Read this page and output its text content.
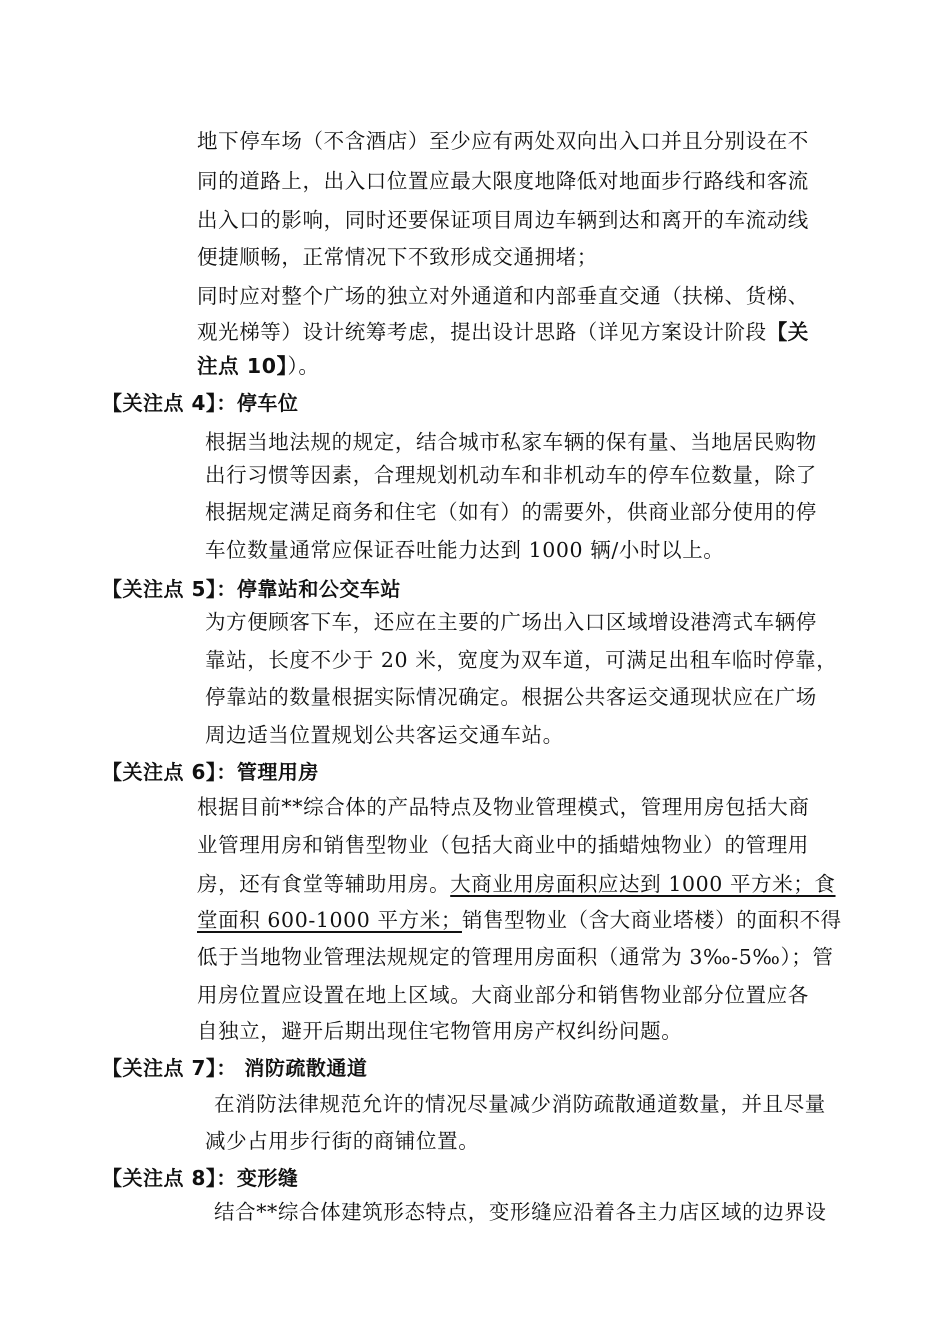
地下停车场（不含酒店）至少应有两处双向出入口并且分别设在不
同的道路上，出入口位置应最大限度地降低对地面步行路线和客流
出入口的影响，同时还要保证项目周边车辆到达和离开的车流动线
便捷顺畅，正常情况下不致形成交通拥堵；
同时应对整个广场的独立对外通道和内部垂直交通（扶梯、货梯、
观光梯等）设计统筹考虑，提出设计思路（详见方案设计阶段【关
注点 10】）。
【关注点 4】：停车位
根据当地法规的规定，结合城市私家车辆的保有量、当地居民购物
出行习惯等因素，合理规划机动车和非机动车的停车位数量，除了
根据规定满足商务和住宅（如有）的需要外，供商业部分使用的停
车位数量通常应保证吞吐能力达到 1000 辆/小时以上。
【关注点 5】：停靠站和公交车站
为方便顾客下车，还应在主要的广场出入口区域增设港湾式车辆停
靠站，长度不少于 20 米，宽度为双车道，可满足出租车临时停靠，
停靠站的数量根据实际情况确定。根据公共客运交通现状应在广场
周边适当位置规划公共客运交通车站。
【关注点 6】：管理用房
根据目前**综合体的产品特点及物业管理模式，管理用房包括大商
业管理用房和销售型物业（包括大商业中的插蜡烛物业）的管理用
房，还有食堂等辅助用房。大商业用房面积应达到 1000 平方米；食
堂面积 600-1000 平方米；销售型物业（含大商业塔楼）的面积不得
低于当地物业管理法规规定的管理用房面积（通常为 3‰-5‰）；管
用房位置应设置在地上区域。大商业部分和销售物业部分位置应各
自独立，避开后期出现住宅物管用房产权纠纷问题。
【关注点 7】： 消防疏散通道
在消防法律规范允许的情况尽量减少消防疏散通道数量，并且尽量
减少占用步行街的商铺位置。
【关注点 8】：变形缝
结合**综合体建筑形态特点，变形缝应沿着各主力店区域的边界设
